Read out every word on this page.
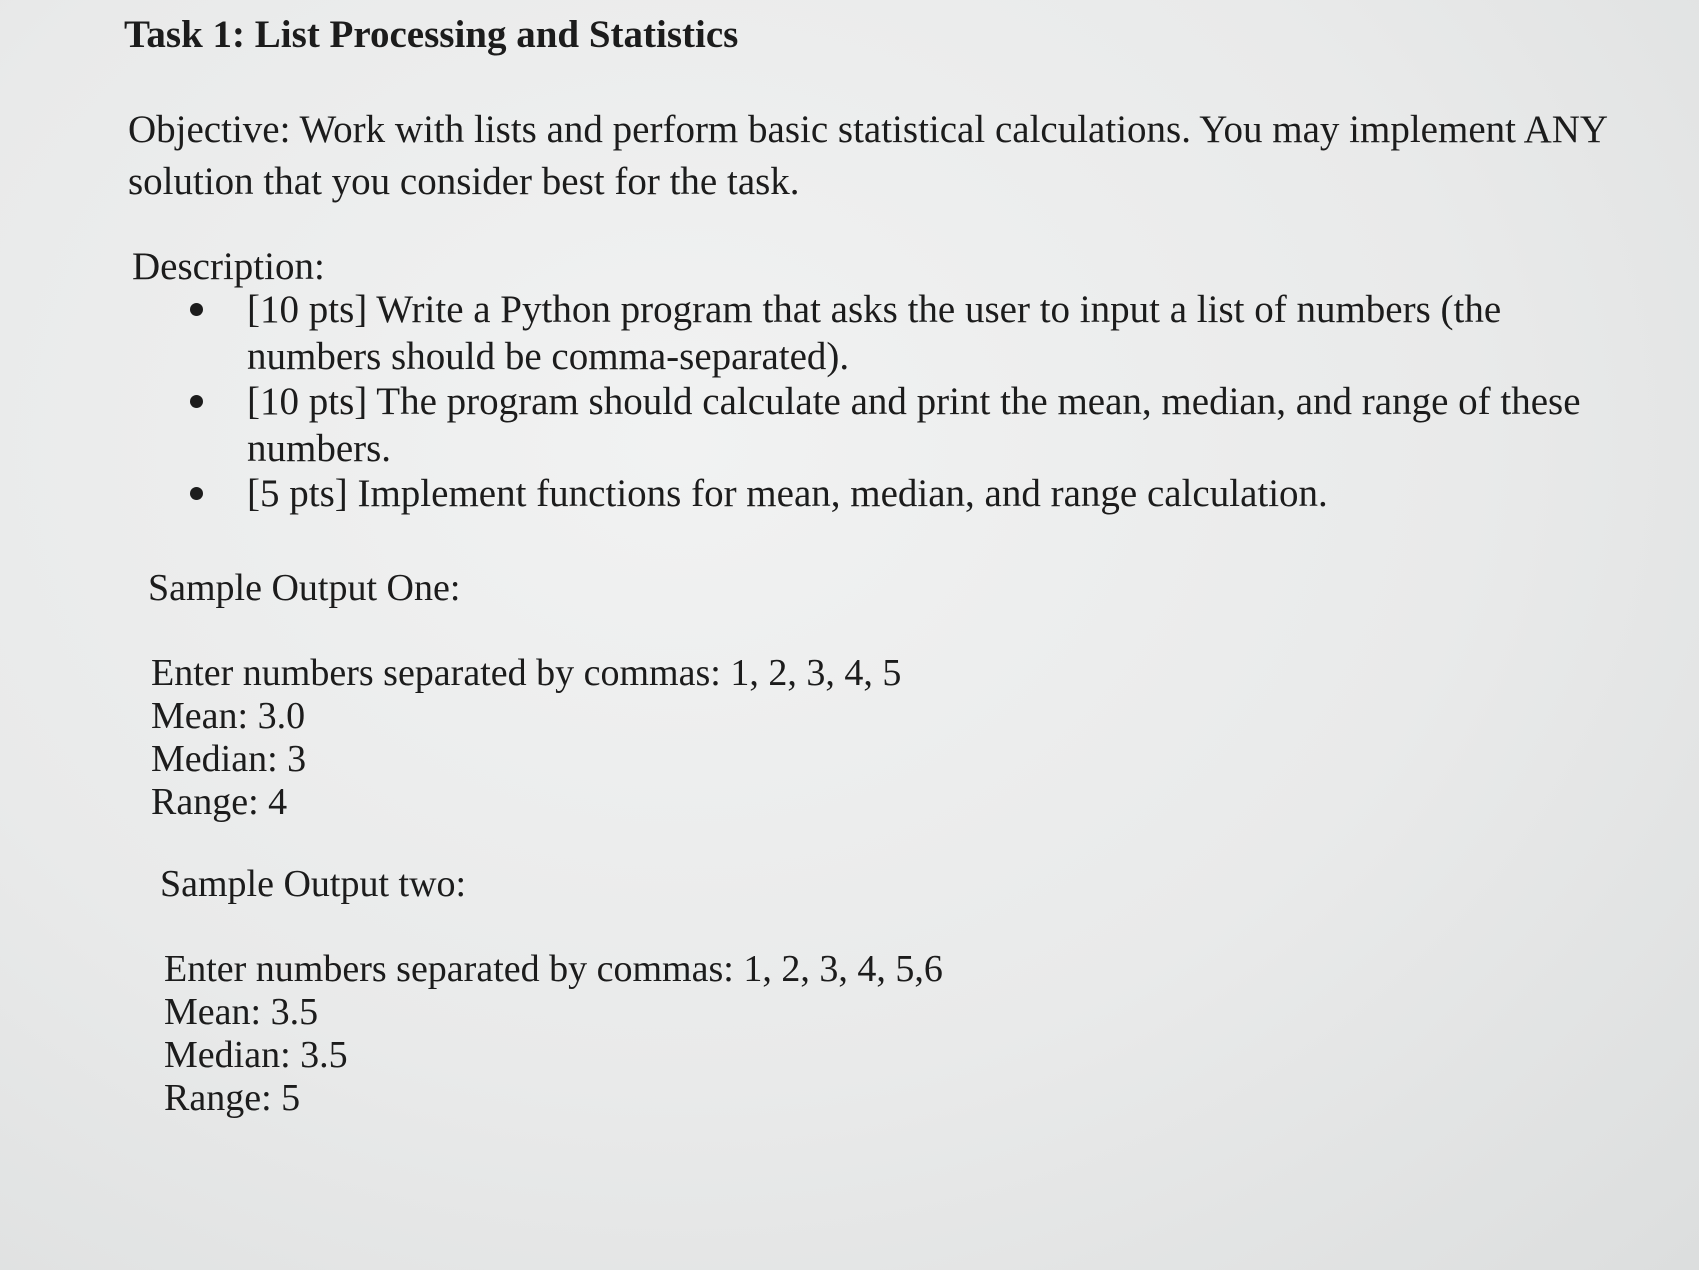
Task 1: List Processing and Statistics

Objective: Work with lists and perform basic statistical calculations. You may implement ANY solution that you consider best for the task.

Description:

[10 pts] Write a Python program that asks the user to input a list of numbers (the numbers should be comma-separated).
[10 pts] The program should calculate and print the mean, median, and range of these numbers.
[5 pts] Implement functions for mean, median, and range calculation.

Sample Output One:

Enter numbers separated by commas: 1, 2, 3, 4, 5
Mean: 3.0
Median: 3
Range: 4

Sample Output two:

Enter numbers separated by commas: 1, 2, 3, 4, 5,6
Mean: 3.5
Median: 3.5
Range: 5
